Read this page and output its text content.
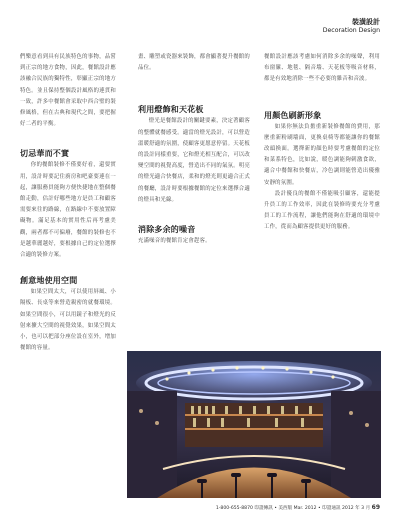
裝潢設計
Decoration Design

們樂意看到具有民族特色的事物，品嘗到正宗的地方食物，因此，餐館設計應該融合民族的獨特性，彰顯正宗的地方特色。並且保持整個設計風格的連貫和一致，許多中餐館會采取中西合璧的裝修風格，但在古典和現代之間，要把握好二者的平衡。

切忌華而不實

你的餐館裝修不僅要好看，還要實用，設計時要記住廚房和吧臺要連在一起，讓服務員能夠方便快捷地在整個餐館走動，估計好哪些地方是員工和顧客需要來往的路線，在路線中不要放置障礙物。滿足基本的實用性后再考慮美觀，兩者都不可偏廢，餐館的裝修也不是越華麗越好，要根據自己的定位選擇合適的裝修方案。

創意地使用空間

如果空間太大，可以使用屏風、小隔板、長桌等來營造親密的就餐環境。如果空間很小，可以用鏡子和燈光的反射來擴大空間的視覺效果，如果空間太小，也可以把部分座位設在室外，增加餐館的容量。

畫、雕塑或瓷器來裝飾，都會顯著提升餐館的品位。

利用燈飾和天花板

燈光是餐館設計的關鍵要素，決定著顧客的整體就餐感受。適當的燈光設計，可以營造溫暖舒適的氛圍，使顧客更愿意停留。天花板的設計同樣重要，它和燈光相互配合，可以改變空間的視覺高度，營造出不同的氣氛。明亮的燈光適合快餐店，柔和的燈光則更適合正式的餐廳，設計時要根據餐館的定位來選擇合適的燈具和光線。

消除多余的噪音

充滿噪音的餐館肯定會趕客。

餐館設計應該考慮如何消除多余的噪聲，利用布窗簾、地毯、隔音墻、天花板等吸音材料，都是有效地消除一些不必要的雜音和音波。

用顏色刷新形象

如果你無法負擔重新裝修餐館的費用，那麼重新粉刷墻面，更換桌椅等都能讓你的餐館改頭換面。選擇新的顏色時要考慮餐館的定位和菜系特色，比如說，暖色調能夠刺激食欲，適合中餐館和快餐店，冷色調則能營造出優雅安靜的氛圍。

設計優良的餐館不僅能吸引顧客，還能提升員工的工作效率，因此在裝修時要充分考慮員工的工作流程，讓他們能夠在舒適的環境中工作，從而為顧客提供更好的服務。

1-800-655-8870 印證傳訊 • 美西版 Mar. 2012 • 印證通訊 2012 年 3 月 69
